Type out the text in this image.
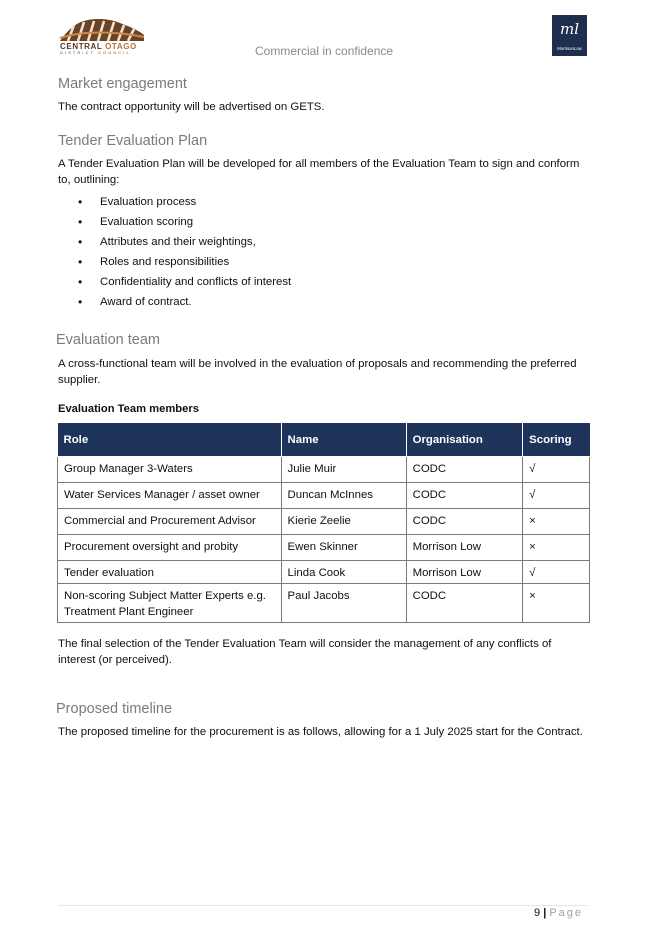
CENTRAL OTAGO
DISTRICT COUNCIL	Commercial in confidence
ml
MorrisonLow
Market engagement

The contract opportunity will be advertised on GETS.

Tender Evaluation Plan

A Tender Evaluation Plan will be developed for all members of the Evaluation Team to sign and conform to, outlining:

• Evaluation process
• Evaluation scoring
• Attributes and their weightings,
• Roles and responsibilities
• Confidentiality and conflicts of interest
• Award of contract.
Evaluation team

A cross-functional team will be involved in the evaluation of proposals and recommending the preferred supplier.

Evaluation Team members

Role	Name	Organisation	Scoring
Group Manager 3-Waters	Julie Muir	CODC	√
Water Services Manager / asset owner	Duncan McInnes	CODC	√
Commercial and Procurement Advisor	Kierie Zeelie	CODC	×
Procurement oversight and probity	Ewen Skinner	Morrison Low	×
Tender evaluation	Linda Cook	Morrison Low	√
Non-scoring Subject Matter Experts e.g. Treatment Plant Engineer	Paul Jacobs	CODC	×

The final selection of the Tender Evaluation Team will consider the management of any conflicts of interest (or perceived).

Proposed timeline

The proposed timeline for the procurement is as follows, allowing for a 1 July 2025 start for the Contract.

9 | Page
